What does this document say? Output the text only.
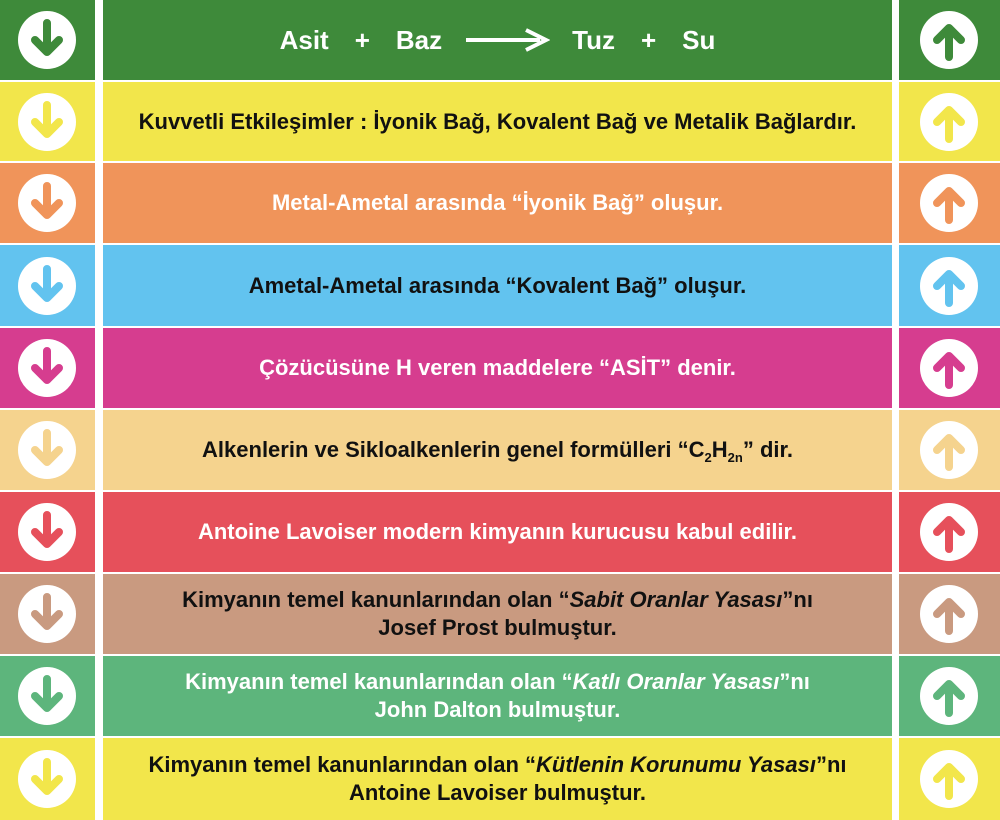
Asit + Baz → Tuz + Su
Kuvvetli Etkileşimler : İyonik Bağ, Kovalent Bağ ve Metalik Bağlardır.
Metal-Ametal arasında “İyonik Bağ” oluşur.
Ametal-Ametal arasında “Kovalent Bağ” oluşur.
Çözücüsüne H veren maddelere “ASİT” denir.
Alkenlerin ve Sikloalkenlerin genel formülleri “$C_2H_{2n}$” dir.
Antoine Lavoiser modern kimyanın kurucusu kabul edilir.
Kimyanın temel kanunlarından olan “Sabit Oranlar Yasası”nı
Josef Prost bulmuştur.
Kimyanın temel kanunlarından olan “Katlı Oranlar Yasası”nı
John Dalton bulmuştur.
Kimyanın temel kanunlarından olan “Kütlenin Korunumu Yasası”nı
Antoine Lavoiser bulmuştur.
